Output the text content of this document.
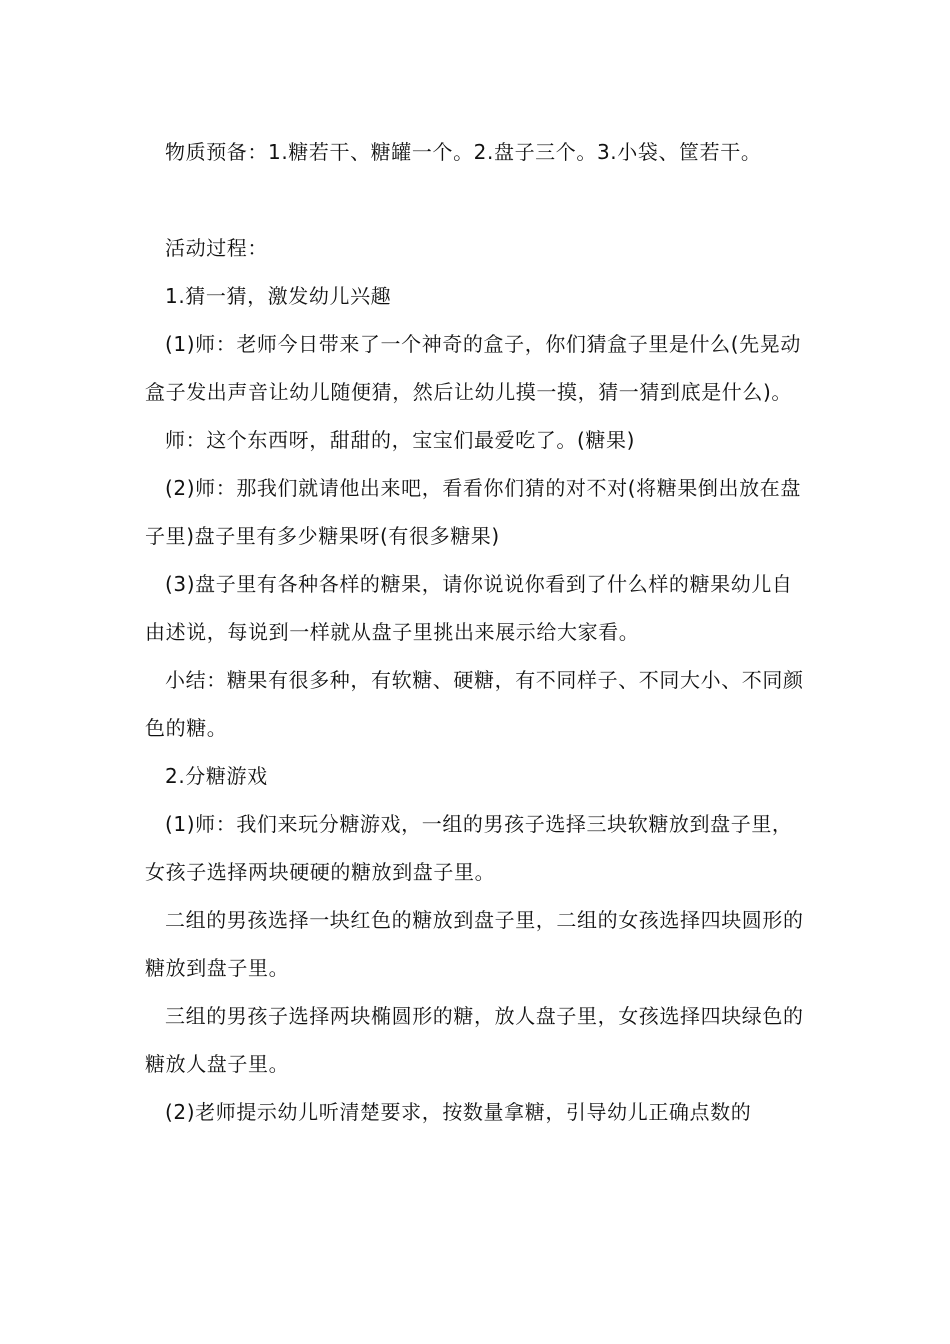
物质预备：1.糖若干、糖罐一个。2.盘子三个。3.小袋、筐若干。

活动过程：

1.猜一猜，激发幼儿兴趣

(1)师：老师今日带来了一个神奇的盒子，你们猜盒子里是什么(先晃动盒子发出声音让幼儿随便猜，然后让幼儿摸一摸，猜一猜到底是什么)。

师：这个东西呀，甜甜的，宝宝们最爱吃了。(糖果)

(2)师：那我们就请他出来吧，看看你们猜的对不对(将糖果倒出放在盘子里)盘子里有多少糖果呀(有很多糖果)

(3)盘子里有各种各样的糖果，请你说说你看到了什么样的糖果幼儿自由述说，每说到一样就从盘子里挑出来展示给大家看。

小结：糖果有很多种，有软糖、硬糖，有不同样子、不同大小、不同颜色的糖。

2.分糖游戏

(1)师：我们来玩分糖游戏，一组的男孩子选择三块软糖放到盘子里，女孩子选择两块硬硬的糖放到盘子里。

二组的男孩选择一块红色的糖放到盘子里，二组的女孩选择四块圆形的糖放到盘子里。

三组的男孩子选择两块椭圆形的糖，放人盘子里，女孩选择四块绿色的糖放人盘子里。

(2)老师提示幼儿听清楚要求，按数量拿糖，引导幼儿正确点数的
